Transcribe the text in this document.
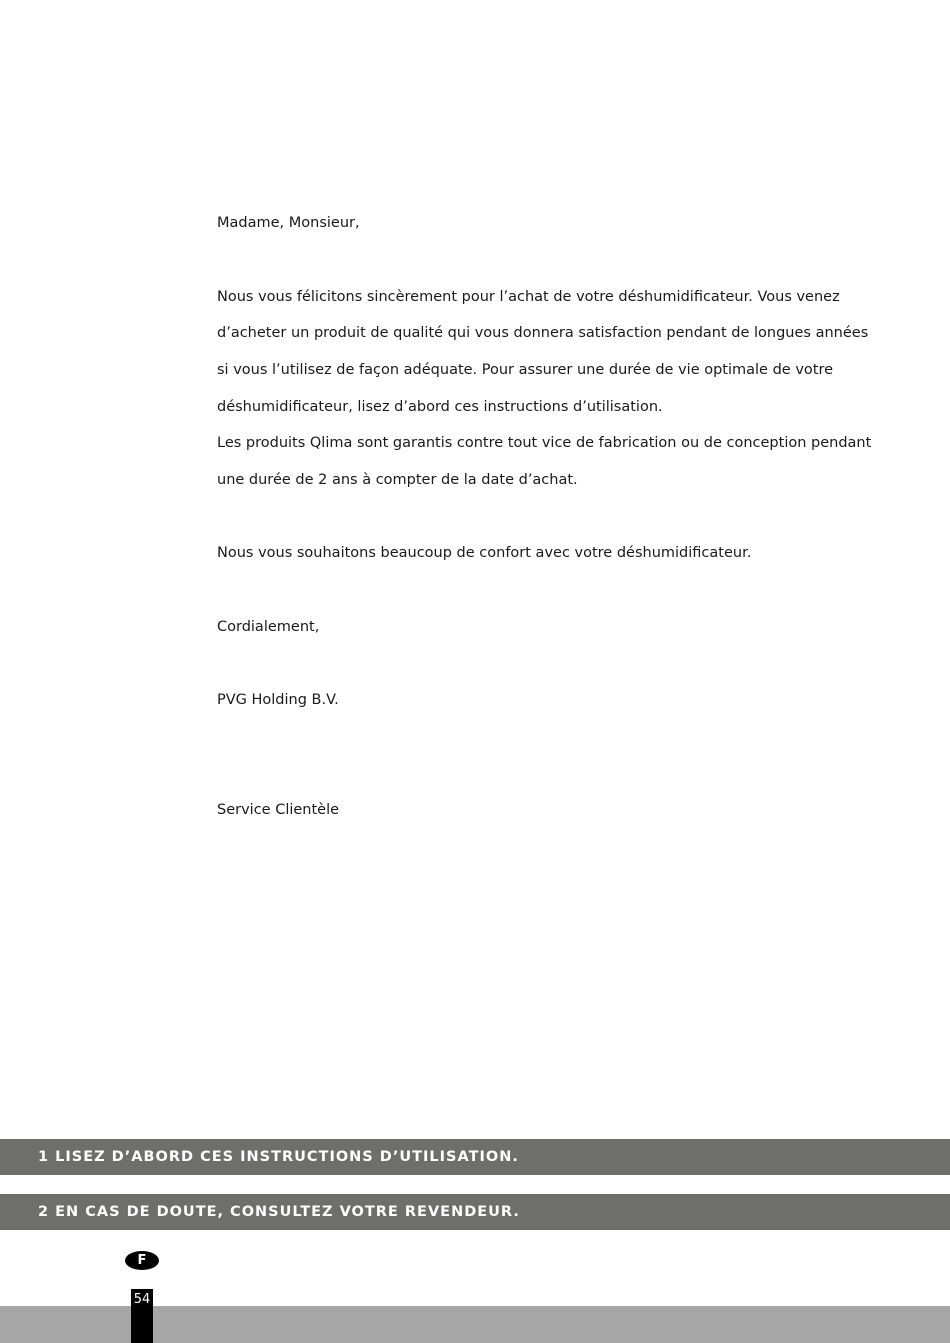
Madame, Monsieur,
Nous vous félicitons sincèrement pour l’achat de votre déshumidificateur. Vous venez
d’acheter un produit de qualité qui vous donnera satisfaction pendant de longues années
si vous l’utilisez de façon adéquate. Pour assurer une durée de vie optimale de votre
déshumidificateur, lisez d’abord ces instructions d’utilisation.
Les produits Qlima sont garantis contre tout vice de fabrication ou de conception pendant
une durée de 2 ans à compter de la date d’achat.
Nous vous souhaitons beaucoup de confort avec votre déshumidificateur.
Cordialement,
PVG Holding B.V.
Service Clientèle
1 LISEZ D’ABORD CES INSTRUCTIONS D’UTILISATION.
2 EN CAS DE DOUTE, CONSULTEZ VOTRE REVENDEUR.
F
54
